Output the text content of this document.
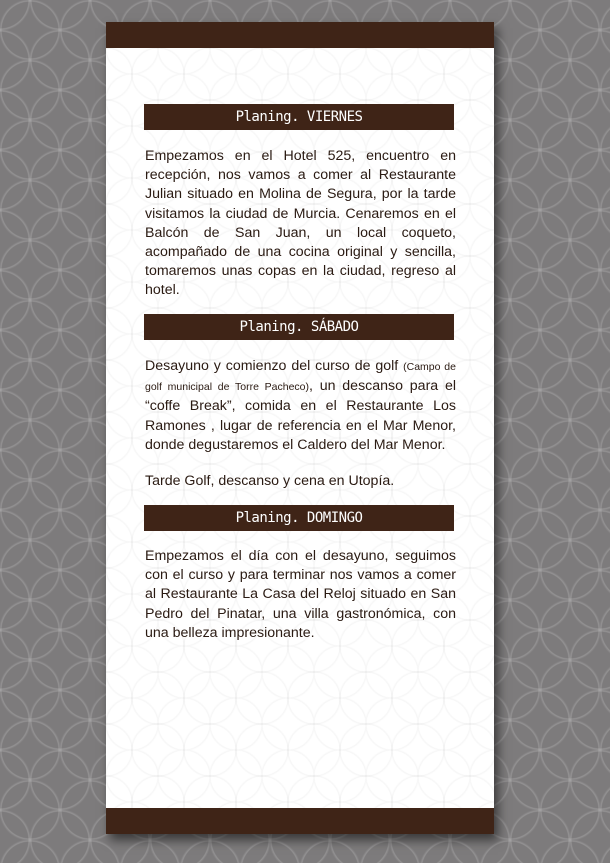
Planing. VIERNES

Empezamos en el Hotel 525, encuentro en recepción, nos vamos a comer al Restaurante Julian situado en Molina de Segura, por la tarde visitamos la ciudad de Murcia. Cenaremos en el Balcón de San Juan, un local coqueto, acompañado de una cocina original y sencilla, tomaremos unas copas en la ciudad, regreso al hotel.

Planing. SÁBADO

Desayuno y comienzo del curso de golf (Campo de golf municipal de Torre Pacheco), un descanso para el “coffe Break”, comida en el Restaurante Los Ramones , lugar de referencia en el Mar Menor, donde degustaremos el Caldero del Mar Menor.

Tarde Golf, descanso y cena en Utopía.

Planing. DOMINGO

Empezamos el día con el desayuno, seguimos con el curso y para terminar nos vamos a comer al Restaurante La Casa del Reloj situado en San Pedro del Pinatar, una villa gastronómica, con una belleza impresionante.
